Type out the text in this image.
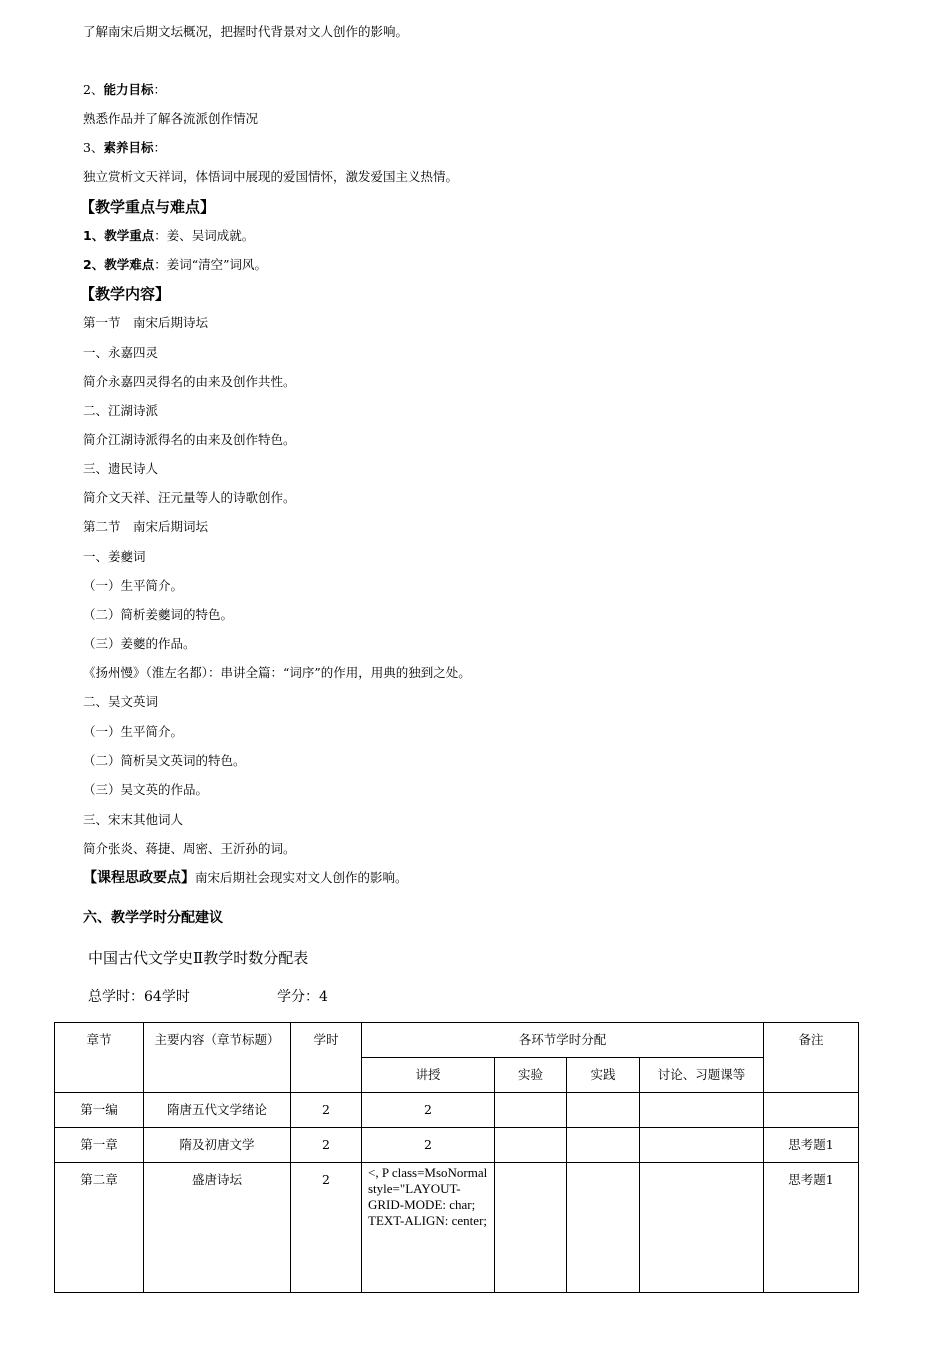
了解南宋后期文坛概况，把握时代背景对文人创作的影响。
2、能力目标：
熟悉作品并了解各流派创作情况
3、素养目标：
独立赏析文天祥词，体悟词中展现的爱国情怀，激发爱国主义热情。
【教学重点与难点】
1、教学重点：姜、吴词成就。
2、教学难点：姜词“清空”词风。
【教学内容】
第一节　南宋后期诗坛
一、永嘉四灵
简介永嘉四灵得名的由来及创作共性。
二、江湖诗派
简介江湖诗派得名的由来及创作特色。
三、遗民诗人
简介文天祥、汪元量等人的诗歌创作。
第二节　南宋后期词坛
一、姜夔词
（一）生平简介。
（二）简析姜夔词的特色。
（三）姜夔的作品。
《扬州慢》（淮左名都）：串讲全篇：“词序”的作用，用典的独到之处。
二、吴文英词
（一）生平简介。
（二）简析吴文英词的特色。
（三）吴文英的作品。
三、宋末其他词人
简介张炎、蒋捷、周密、王沂孙的词。
【课程思政要点】南宋后期社会现实对文人创作的影响。
六、教学学时分配建议
中国古代文学史Ⅱ教学时数分配表
总学时：64学时	学分：4
章节	主要内容（章节标题）	学时	各环节学时分配				备注
			讲授	实验	实践	讨论、习题课等	
第一编	隋唐五代文学绪论	2	2				
第一章	隋及初唐文学	2	2				思考题1
第二章	盛唐诗坛	2	<, P class=MsoNormal style="LAYOUT-GRID-MODE: char; TEXT-ALIGN: center;				思考题1
